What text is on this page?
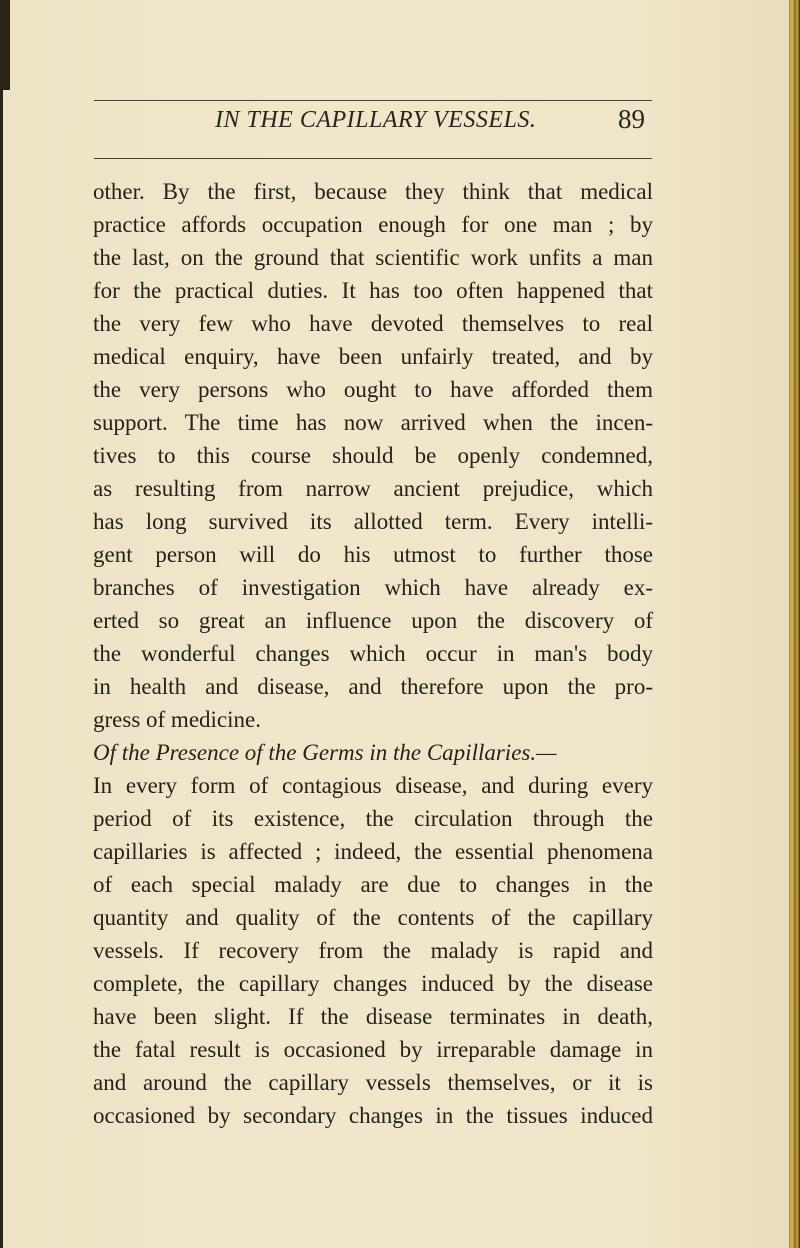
IN THE CAPILLARY VESSELS.	89
other. By the first, because they think that medical
practice affords occupation enough for one man ; by
the last, on the ground that scientific work unfits a man
for the practical duties. It has too often happened that
the very few who have devoted themselves to real
medical enquiry, have been unfairly treated, and by
the very persons who ought to have afforded them
support. The time has now arrived when the incen-
tives to this course should be openly condemned,
as resulting from narrow ancient prejudice, which
has long survived its allotted term. Every intelli-
gent person will do his utmost to further those
branches of investigation which have already ex-
erted so great an influence upon the discovery of
the wonderful changes which occur in man's body
in health and disease, and therefore upon the pro-
gress of medicine.
Of the Presence of the Germs in the Capillaries.—
In every form of contagious disease, and during every
period of its existence, the circulation through the
capillaries is affected ; indeed, the essential phenomena
of each special malady are due to changes in the
quantity and quality of the contents of the capillary
vessels. If recovery from the malady is rapid and
complete, the capillary changes induced by the disease
have been slight. If the disease terminates in death,
the fatal result is occasioned by irreparable damage in
and around the capillary vessels themselves, or it is
occasioned by secondary changes in the tissues induced
